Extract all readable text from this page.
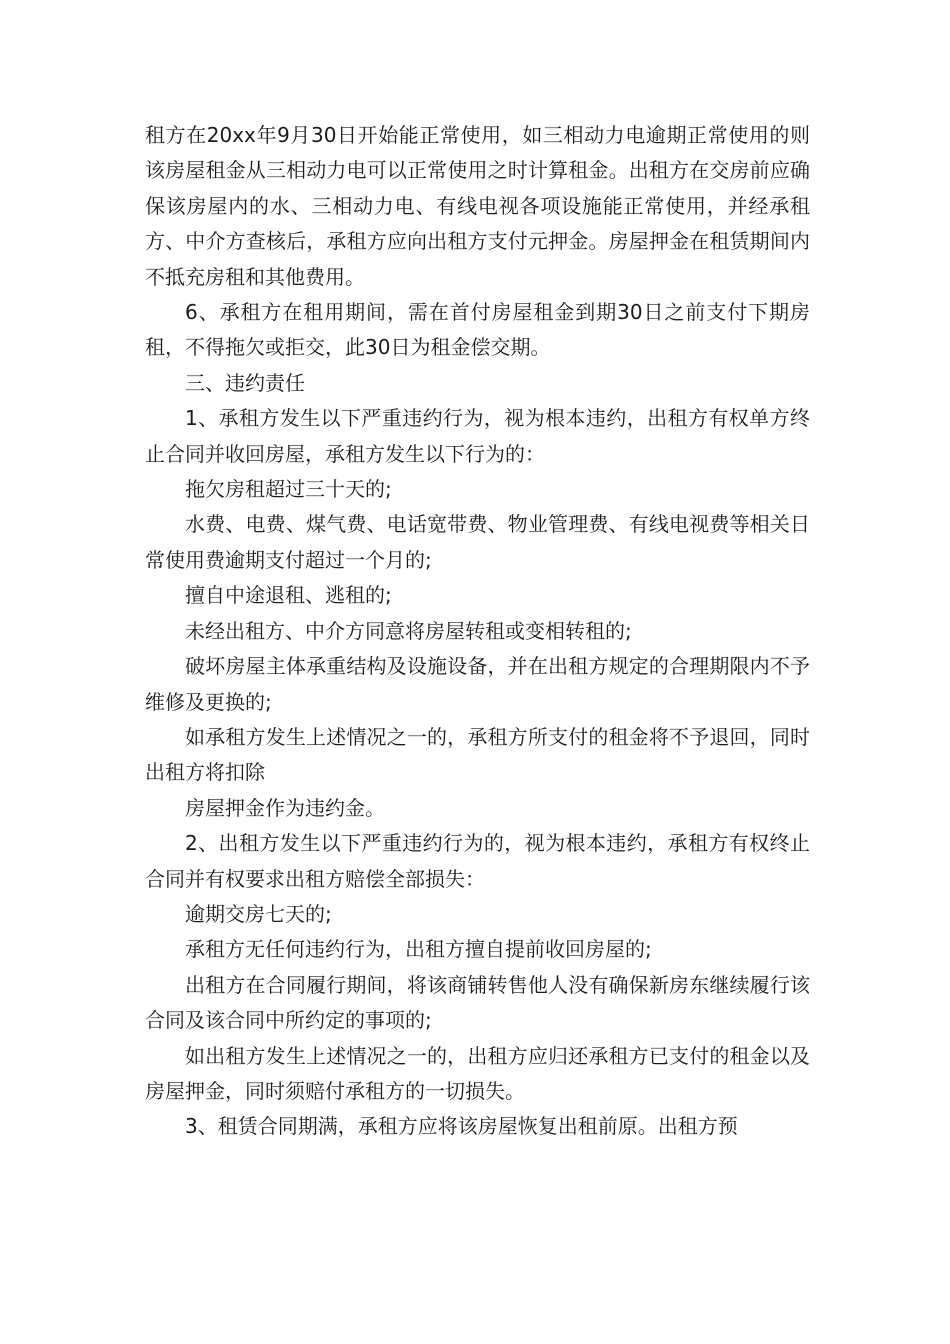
租方在20xx年9月30日开始能正常使用，如三相动力电逾期正常使用的则该房屋租金从三相动力电可以正常使用之时计算租金。出租方在交房前应确保该房屋内的水、三相动力电、有线电视各项设施能正常使用，并经承租方、中介方查核后，承租方应向出租方支付元押金。房屋押金在租赁期间内不抵充房租和其他费用。

6、承租方在租用期间，需在首付房屋租金到期30日之前支付下期房租，不得拖欠或拒交，此30日为租金偿交期。

三、违约责任

1、承租方发生以下严重违约行为，视为根本违约，出租方有权单方终止合同并收回房屋，承租方发生以下行为的：

拖欠房租超过三十天的;

水费、电费、煤气费、电话宽带费、物业管理费、有线电视费等相关日常使用费逾期支付超过一个月的;

擅自中途退租、逃租的;

未经出租方、中介方同意将房屋转租或变相转租的;

破坏房屋主体承重结构及设施设备，并在出租方规定的合理期限内不予维修及更换的;

如承租方发生上述情况之一的，承租方所支付的租金将不予退回，同时出租方将扣除

房屋押金作为违约金。

2、出租方发生以下严重违约行为的，视为根本违约，承租方有权终止合同并有权要求出租方赔偿全部损失：

逾期交房七天的;

承租方无任何违约行为，出租方擅自提前收回房屋的;

出租方在合同履行期间，将该商铺转售他人没有确保新房东继续履行该合同及该合同中所约定的事项的;

如出租方发生上述情况之一的，出租方应归还承租方已支付的租金以及房屋押金，同时须赔付承租方的一切损失。

3、租赁合同期满，承租方应将该房屋恢复出租前原。出租方预
